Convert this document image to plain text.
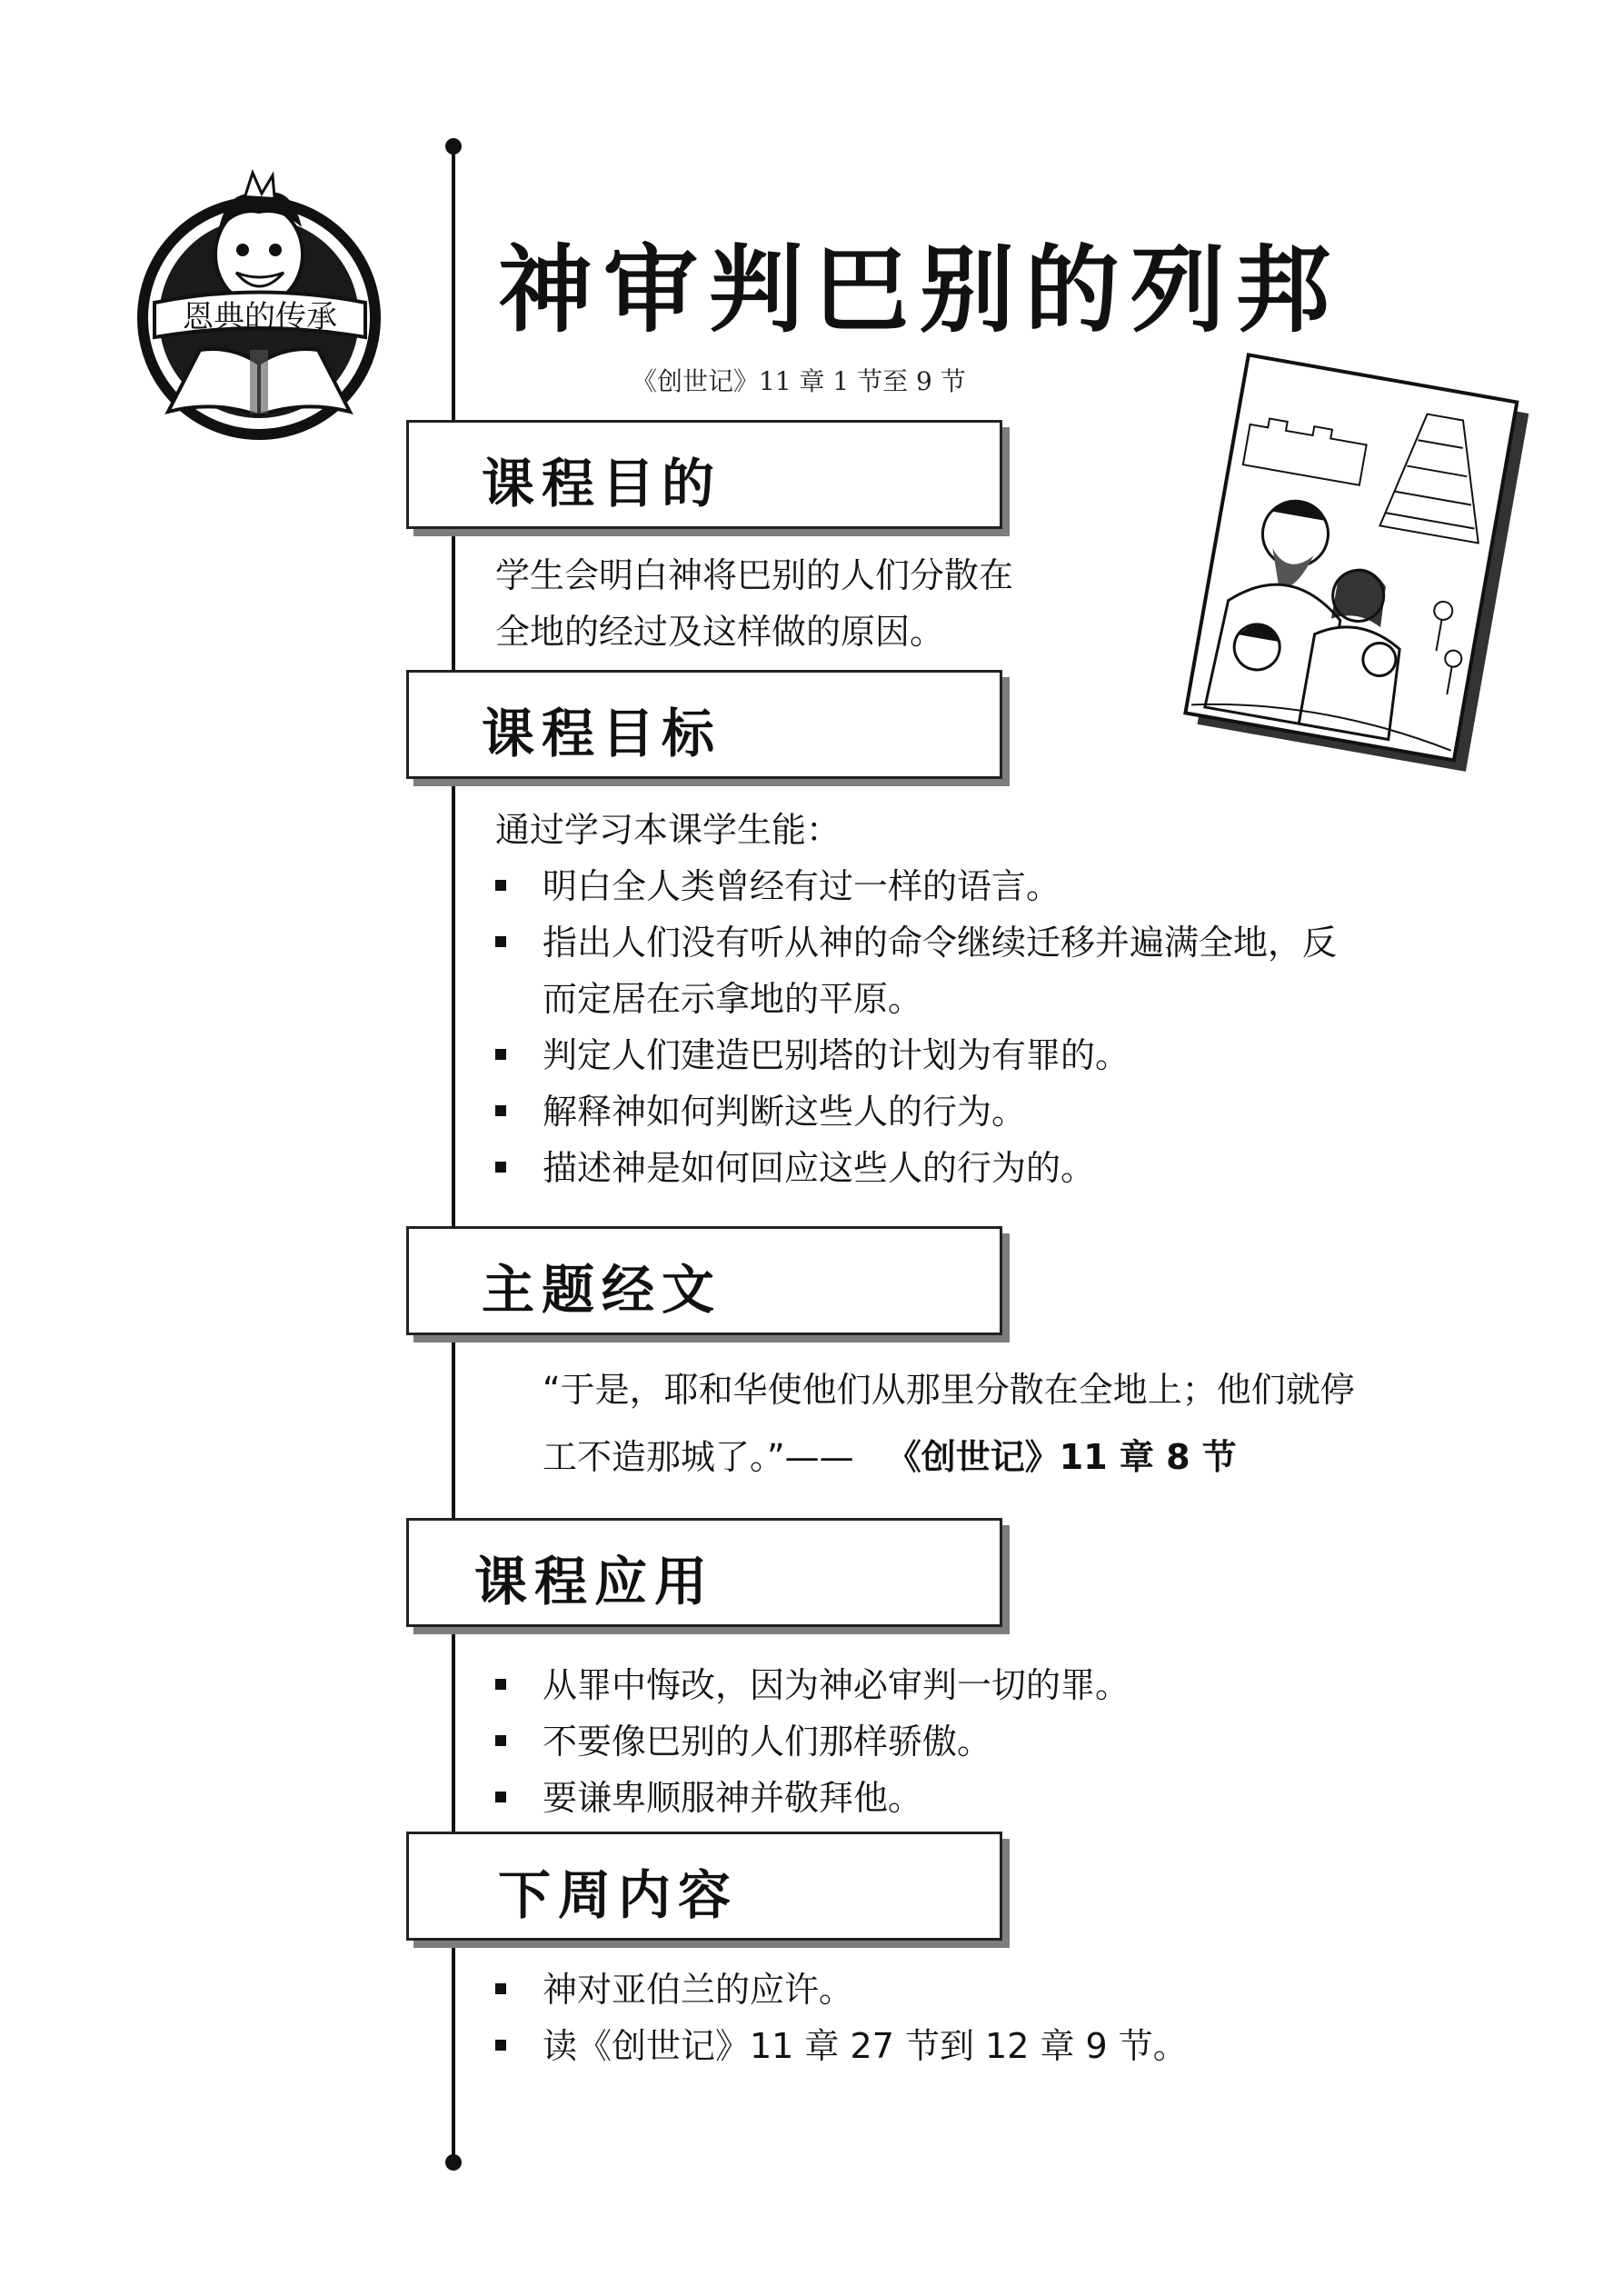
恩典的传承 神审判巴别的列邦
《创世记》11 章 1 节至 9 节
课程目的
学生会明白神将巴别的人们分散在
全地的经过及这样做的原因。
课程目标
通过学习本课学生能：
明白全人类曾经有过一样的语言。
指出人们没有听从神的命令继续迁移并遍满全地，反
而定居在示拿地的平原。
判定人们建造巴别塔的计划为有罪的。
解释神如何判断这些人的行为。
描述神是如何回应这些人的行为的。
主题经文
“于是，耶和华使他们从那里分散在全地上；他们就停
工不造那城了。”—— 《创世记》11 章 8 节
课程应用
从罪中悔改，因为神必审判一切的罪。
不要像巴别的人们那样骄傲。
要谦卑顺服神并敬拜他。
下周内容
神对亚伯兰的应许。
读《创世记》11 章 27 节到 12 章 9 节。
